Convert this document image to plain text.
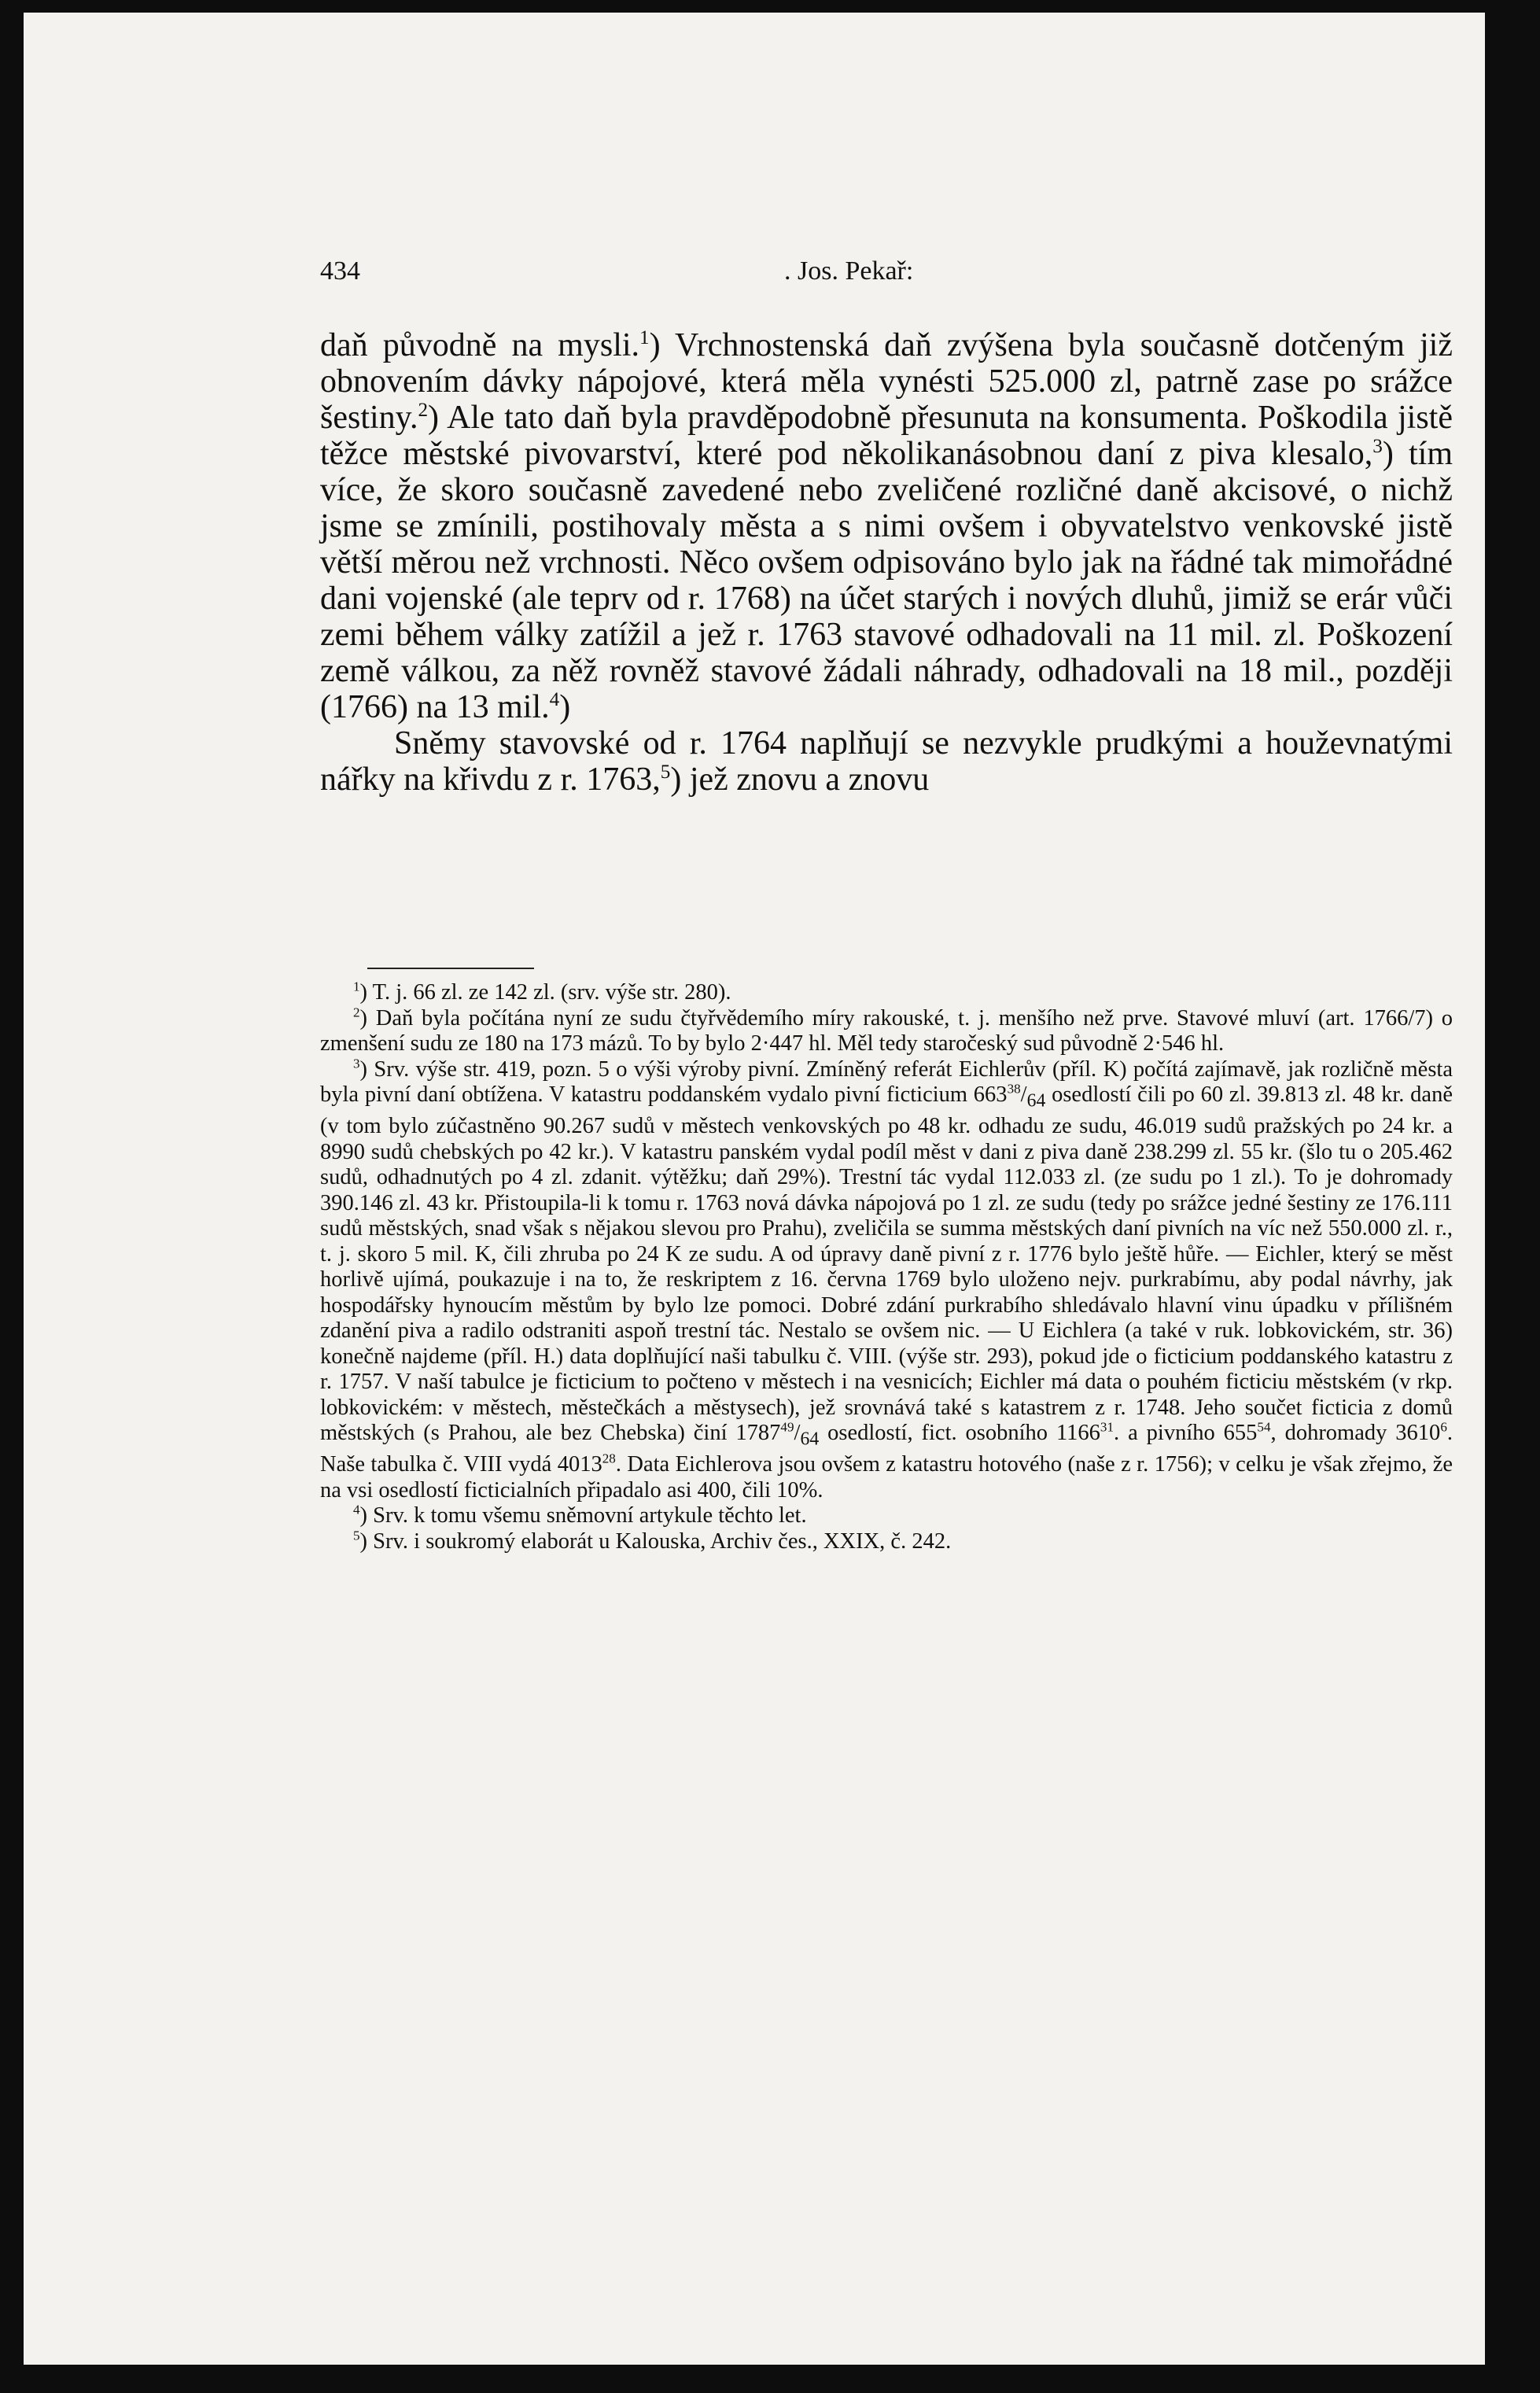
434	. Jos. Pekař:

daň původně na mysli.$^1$) Vrchnostenská daň zvýšena byla současně dotčeným již obnovením dávky nápojové, která měla vynésti 525.000 zl, patrně zase po srážce šestiny.$^2$) Ale tato daň byla pravděpodobně přesunuta na konsumenta. Poškodila jistě těžce městské pivovarství, které pod několikanásobnou daní z piva klesalo,$^3$) tím více, že skoro současně zavedené nebo zveličené rozličné daně akcisové, o nichž jsme se zmínili, postihovaly města a s nimi ovšem i obyvatelstvo venkovské jistě větší měrou než vrchnosti. Něco ovšem odpisováno bylo jak na řádné tak mimořádné dani vojenské (ale teprv od r. 1768) na účet starých i nových dluhů, jimiž se erár vůči zemi během války zatížil a jež r. 1763 stavové odhadovali na 11 mil. zl. Poškození země válkou, za něž rovněž stavové žádali náhrady, odhadovali na 18 mil., později (1766) na 13 mil.$^4$)

Sněmy stavovské od r. 1764 naplňují se nezvykle prudkými a houževnatými nářky na křivdu z r. 1763,$^5$) jež znovu a znovu

$^1$) T. j. 66 zl. ze 142 zl. (srv. výše str. 280).

$^2$) Daň byla počítána nyní ze sudu čtyřvědemího míry rakouské, t. j. menšího než prve. Stavové mluví (art. 1766/7) o zmenšení sudu ze 180 na 173 mázů. To by bylo 2·447 hl. Měl tedy staročeský sud původně 2·546 hl.

$^3$) Srv. výše str. 419, pozn. 5 o výši výroby pivní. Zmíněný referát Eichlerův (příl. K) počítá zajímavě, jak rozličně města byla pivní daní obtížena. V katastru poddanském vydalo pivní ficticium $663^{38}/_{64}$ osedlostí čili po 60 zl. 39.813 zl. 48 kr. daně (v tom bylo zúčastněno 90.267 sudů v městech venkovských po 48 kr. odhadu ze sudu, 46.019 sudů pražských po 24 kr. a 8990 sudů chebských po 42 kr.). V katastru panském vydal podíl měst v dani z piva daně 238.299 zl. 55 kr. (šlo tu o 205.462 sudů, odhadnutých po 4 zl. zdanit. výtěžku; daň 29%). Trestní tác vydal 112.033 zl. (ze sudu po 1 zl.). To je dohromady 390.146 zl. 43 kr. Přistoupila-li k tomu r. 1763 nová dávka nápojová po 1 zl. ze sudu (tedy po srážce jedné šestiny ze 176.111 sudů městských, snad však s nějakou slevou pro Prahu), zveličila se summa městských daní pivních na víc než 550.000 zl. r., t. j. skoro 5 mil. K, čili zhruba po 24 K ze sudu. A od úpravy daně pivní z r. 1776 bylo ještě hůře. — Eichler, který se měst horlivě ujímá, poukazuje i na to, že reskriptem z 16. června 1769 bylo uloženo nejv. purkrabímu, aby podal návrhy, jak hospodářsky hynoucím městům by bylo lze pomoci. Dobré zdání purkrabího shledávalo hlavní vinu úpadku v přílišném zdanění piva a radilo odstraniti aspoň trestní tác. Nestalo se ovšem nic. — U Eichlera (a také v ruk. lobkovickém, str. 36) konečně najdeme (příl. H.) data doplňující naši tabulku č. VIII. (výše str. 293), pokud jde o ficticium poddanského katastru z r. 1757. V naší tabulce je ficticium to počteno v městech i na vesnicích; Eichler má data o pouhém ficticiu městském (v rkp. lobkovickém: v městech, městečkách a městysech), jež srovnává také s katastrem z r. 1748. Jeho součet ficticia z domů městských (s Prahou, ale bez Chebska) činí $1787^{49}/_{64}$ osedlostí, fict. osobního 1166$^{31}$. a pivního $655^{54}$, dohromady 3610$^6$. Naše tabulka č. VIII vydá 4013$^{28}$. Data Eichlerova jsou ovšem z katastru hotového (naše z r. 1756); v celku je však zřejmo, že na vsi osedlostí ficticialních připadalo asi 400, čili 10%.

$^4$) Srv. k tomu všemu sněmovní artykule těchto let.

$^5$) Srv. i soukromý elaborát u Kalouska, Archiv čes., XXIX, č. 242.
